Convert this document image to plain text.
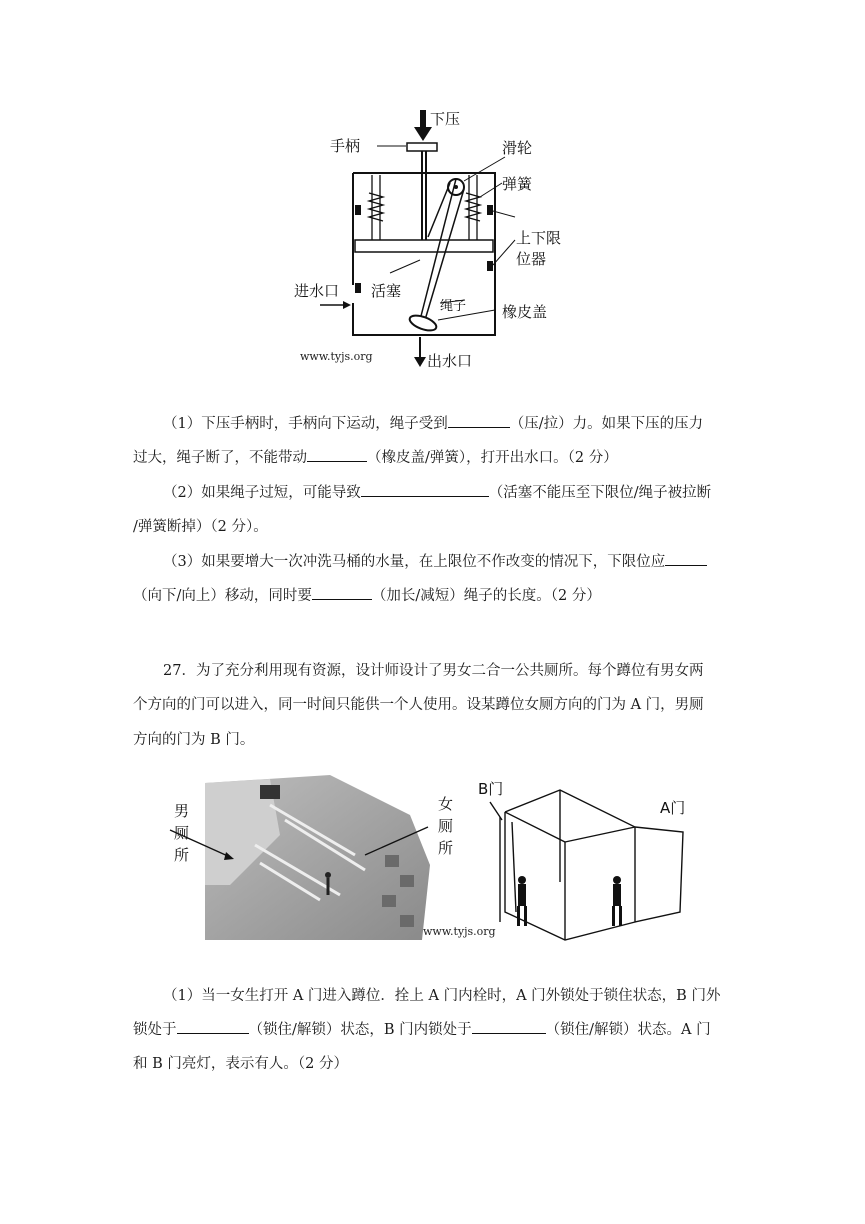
下压
手柄	滑轮
弹簧
上下限
位器
进水口 活塞
绳子 橡皮盖
出水口
www.tyjs.org
（1）下压手柄时，手柄向下运动，绳子受到	（压/拉）力。如果下压的压力
过大，绳子断了，不能带动	（橡皮盖/弹簧），打开出水口。（2 分）
（2）如果绳子过短，可能导致	（活塞不能压至下限位/绳子被拉断
/弹簧断掉）（2 分）。
（3）如果要增大一次冲洗马桶的水量，在上限位不作改变的情况下，下限位应
（向下/向上）移动，同时要	（加长/减短）绳子的长度。（2 分）
27．为了充分利用现有资源，设计师设计了男女二合一公共厕所。每个蹲位有男女两
个方向的门可以进入，同一时间只能供一个人使用。设某蹲位女厕方向的门为 A 门，男厕
方向的门为 B 门。
男
厕
所
女
厕
所
B门
A门
www.tyjs.org
（1）当一女生打开 A 门进入蹲位．拴上 A 门内栓时，A 门外锁处于锁住状态，B 门外
锁处于	（锁住/解锁）状态，B 门内锁处于	（锁住/解锁）状态。A 门
和 B 门亮灯，表示有人。（2 分）
